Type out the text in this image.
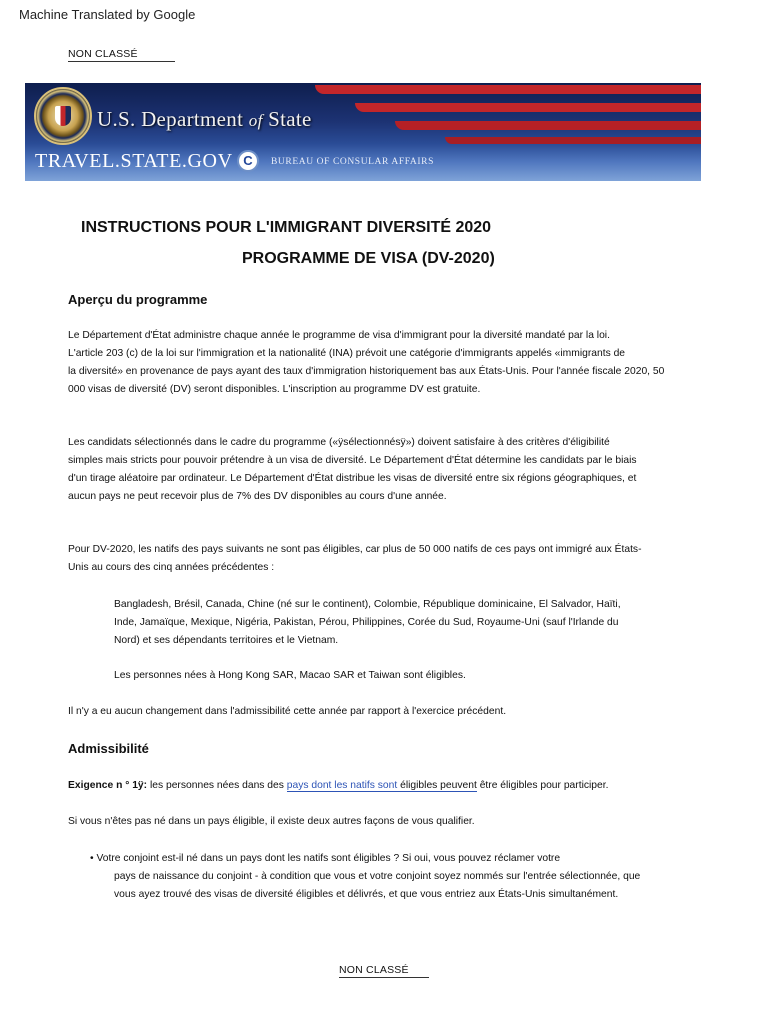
Machine Translated by Google
NON CLASSÉ
U.S. Department of State
TRAVEL.STATE.GOV C	BUREAU OF CONSULAR AFFAIRS
INSTRUCTIONS POUR L'IMMIGRANT DIVERSITÉ 2020
PROGRAMME DE VISA (DV-2020)
Aperçu du programme

Le Département d'État administre chaque année le programme de visa d'immigrant pour la diversité mandaté par la loi.
L'article 203 (c) de la loi sur l'immigration et la nationalité (INA) prévoit une catégorie d'immigrants appelés «immigrants de
la diversité» en provenance de pays ayant des taux d'immigration historiquement bas aux États-Unis. Pour l'année fiscale 2020, 50
000 visas de diversité (DV) seront disponibles. L'inscription au programme DV est gratuite.

Les candidats sélectionnés dans le cadre du programme («ÿsélectionnésÿ») doivent satisfaire à des critères d'éligibilité
simples mais stricts pour pouvoir prétendre à un visa de diversité. Le Département d'État détermine les candidats par le biais
d'un tirage aléatoire par ordinateur. Le Département d'État distribue les visas de diversité entre six régions géographiques, et
aucun pays ne peut recevoir plus de 7% des DV disponibles au cours d'une année.

Pour DV-2020, les natifs des pays suivants ne sont pas éligibles, car plus de 50 000 natifs de ces pays ont immigré aux États-
Unis au cours des cinq années précédentes :

Bangladesh, Brésil, Canada, Chine (né sur le continent), Colombie, République dominicaine, El Salvador, Haïti,
Inde, Jamaïque, Mexique, Nigéria, Pakistan, Pérou, Philippines, Corée du Sud, Royaume-Uni (sauf l'Irlande du
Nord) et ses dépendants territoires et le Vietnam.

Les personnes nées à Hong Kong SAR, Macao SAR et Taiwan sont éligibles.

Il n'y a eu aucun changement dans l'admissibilité cette année par rapport à l'exercice précédent.

Admissibilité

Exigence n ° 1ÿ: les personnes nées dans des pays dont les natifs sont éligibles peuvent être éligibles pour participer.

Si vous n'êtes pas né dans un pays éligible, il existe deux autres façons de vous qualifier.

• Votre conjoint est-il né dans un pays dont les natifs sont éligibles ? Si oui, vous pouvez réclamer votre
pays de naissance du conjoint - à condition que vous et votre conjoint soyez nommés sur l'entrée sélectionnée, que
vous ayez trouvé des visas de diversité éligibles et délivrés, et que vous entriez aux États-Unis simultanément.

NON CLASSÉ
